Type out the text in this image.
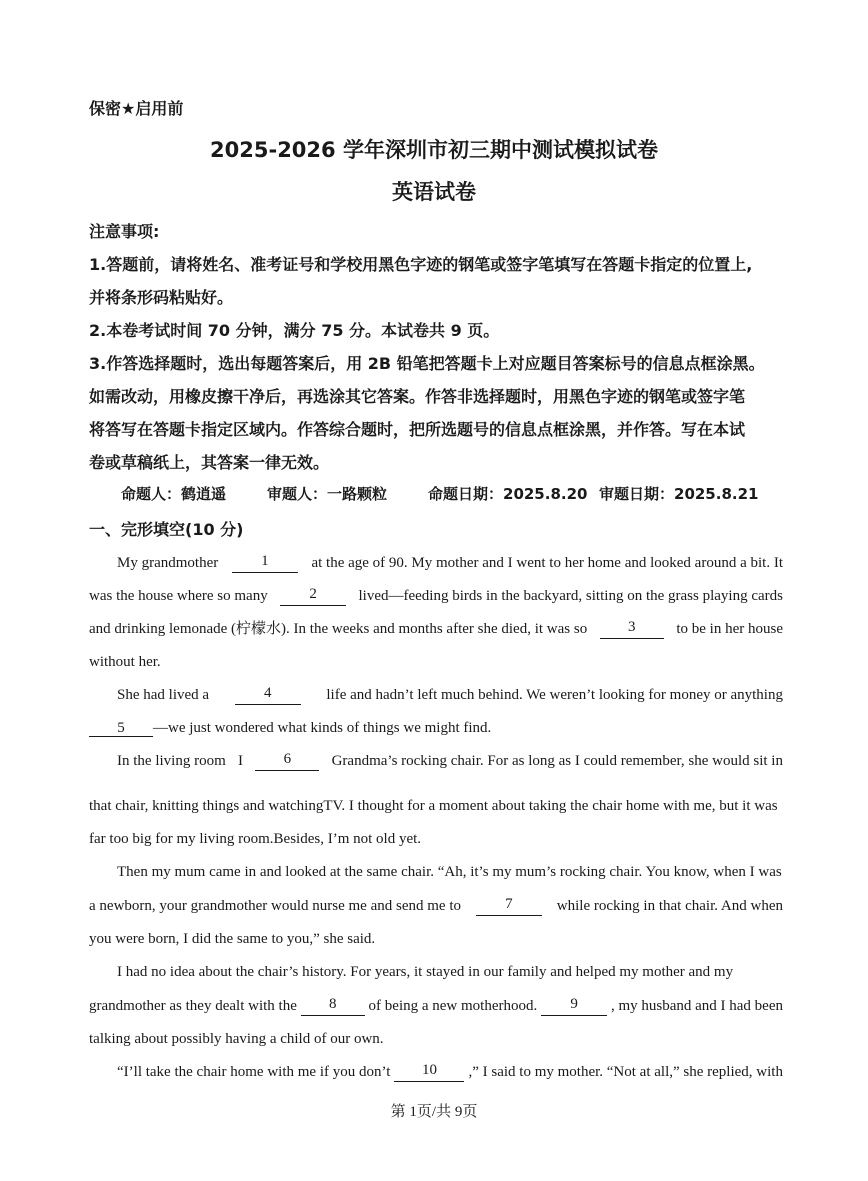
保密★启用前
2025-2026 学年深圳市初三期中测试模拟试卷
英语试卷
注意事项:

1.答题前，请将姓名、准考证号和学校用黑色字迹的钢笔或签字笔填写在答题卡指定的位置上,

并将条形码粘贴好。

2.本卷考试时间 70 分钟，满分 75 分。本试卷共 9 页。

3.作答选择题时，选出每题答案后，用 2B 铅笔把答题卡上对应题目答案标号的信息点框涂黑。

如需改动，用橡皮擦干净后，再选涂其它答案。作答非选择题时，用黑色字迹的钢笔或签字笔

将答写在答题卡指定区域内。作答综合题时，把所选题号的信息点框涂黑，并作答。写在本试

卷或草稿纸上，其答案一律无效。

命题人：鹤逍遥	审题人：一路颗粒	命题日期：2025.8.20 审题日期：2025.8.21
一、完形填空(10 分)
My grandmother	1	at the age of 90. My mother and I went to her home and looked around a bit. It
was the house where so many	2	lived—feeding birds in the backyard, sitting on the grass playing cards
and drinking lemonade (柠檬水). In the weeks and months after she died, it was so	3	to be in her house
without her.
She had lived a	4	life and hadn’t left much behind. We weren’t looking for money or anything
5 —we just wondered what kinds of things we might find.
In the living room I	6	Grandma’s rocking chair. For as long as I could remember, she would sit in
that chair, knitting things and watchingTV. I thought for a moment about taking the chair home with me, but it was
far too big for my living room.Besides, I’m not old yet.
Then my mum came in and looked at the same chair. “Ah, it’s my mum’s rocking chair. You know, when I was
a newborn, your grandmother would nurse me and send me to	7	while rocking in that chair. And when
you were born, I did the same to you,” she said.
I had no idea about the chair’s history. For years, it stayed in our family and helped my mother and my
grandmother as they dealt with the	8	of being a new motherhood.	9	, my husband and I had been
talking about possibly having a child of our own.
“I’ll take the chair home with me if you don’t	10	,” I said to my mother. “Not at all,” she replied, with
第 1页/共 9页
